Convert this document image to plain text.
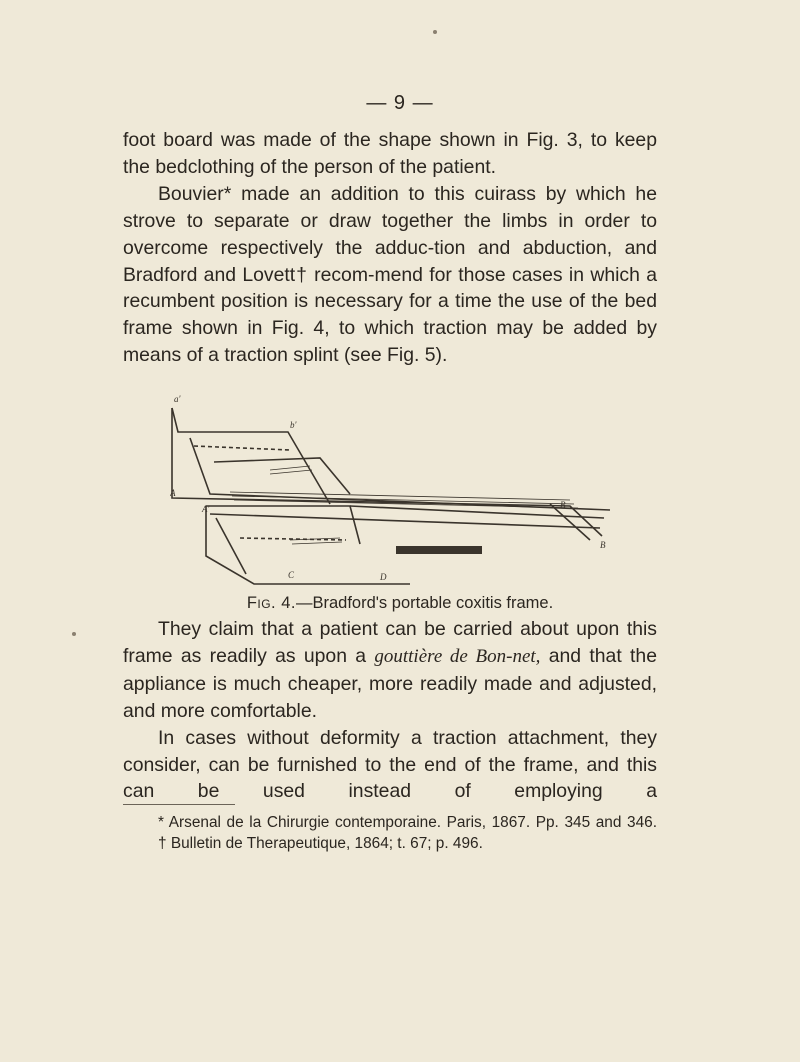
— 9 —

foot board was made of the shape shown in Fig. 3, to keep the bedclothing of the person of the patient.

Bouvier* made an addition to this cuirass by which he strove to separate or draw together the limbs in order to overcome respectively the adduc-tion and abduction, and Bradford and Lovett† recom-mend for those cases in which a recumbent position is necessary for a time the use of the bed frame shown in Fig. 4, to which traction may be added by means of a traction splint (see Fig. 5).

a'
b'
A
A'
B
B
D
C
Fig. 4.—Bradford's portable coxitis frame.

They claim that a patient can be carried about upon this frame as readily as upon a gouttière de Bon-net, and that the appliance is much cheaper, more readily made and adjusted, and more comfortable.

In cases without deformity a traction attachment, they consider, can be furnished to the end of the frame, and this can be used instead of employing a

* Arsenal de la Chirurgie contemporaine. Paris, 1867. Pp. 345 and 346.

† Bulletin de Therapeutique, 1864; t. 67; p. 496.
